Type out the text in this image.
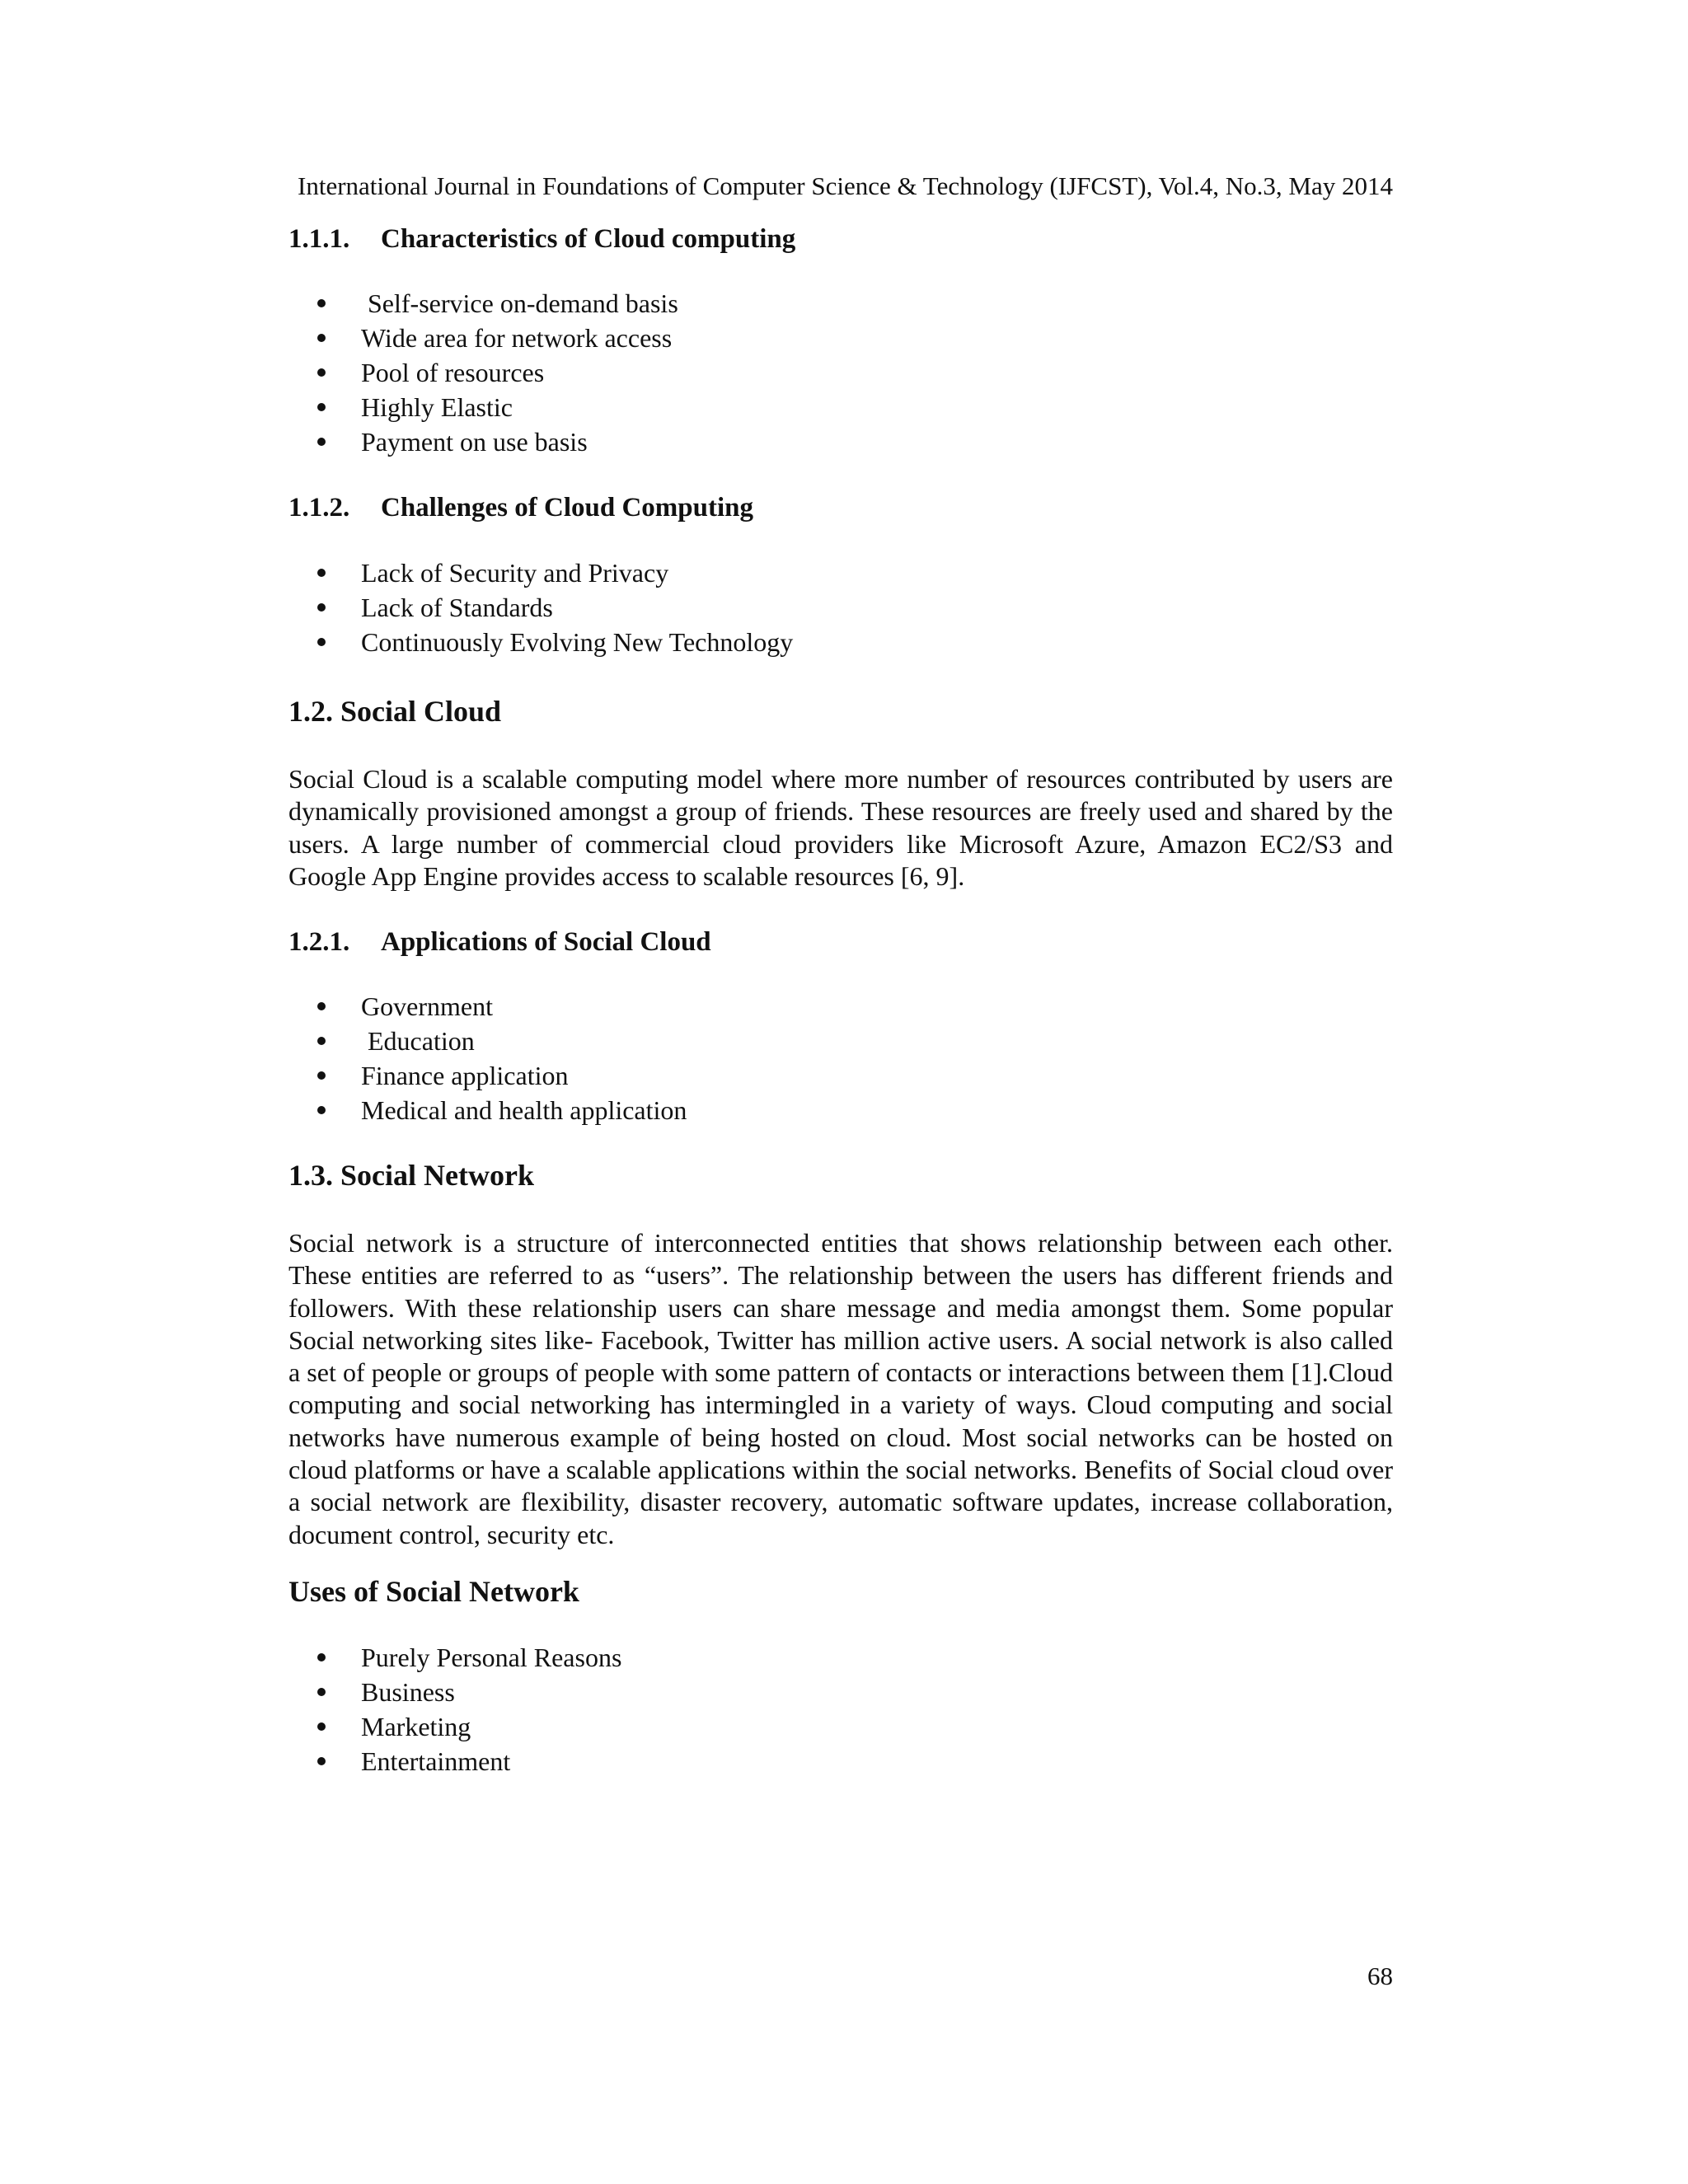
International Journal in Foundations of Computer Science & Technology (IJFCST), Vol.4, No.3, May 2014
1.1.1. Characteristics of Cloud computing
Self-service on-demand basis
Wide area for network access
Pool of resources
Highly Elastic
Payment on use basis
1.1.2. Challenges of Cloud Computing
Lack of Security and Privacy
Lack of Standards
Continuously Evolving New Technology
1.2. Social Cloud

Social Cloud is a scalable computing model where more number of resources contributed by users are dynamically provisioned amongst a group of friends. These resources are freely used and shared by the users. A large number of commercial cloud providers like Microsoft Azure, Amazon EC2/S3 and Google App Engine provides access to scalable resources [6, 9].

1.2.1. Applications of Social Cloud
Government
Education
Finance application
Medical and health application
1.3. Social Network

Social network is a structure of interconnected entities that shows relationship between each other. These entities are referred to as “users”. The relationship between the users has different friends and followers. With these relationship users can share message and media amongst them. Some popular Social networking sites like- Facebook, Twitter has million active users. A social network is also called a set of people or groups of people with some pattern of contacts or interactions between them [1].Cloud computing and social networking has intermingled in a variety of ways. Cloud computing and social networks have numerous example of being hosted on cloud. Most social networks can be hosted on cloud platforms or have a scalable applications within the social networks. Benefits of Social cloud over a social network are flexibility, disaster recovery, automatic software updates, increase collaboration, document control, security etc.

Uses of Social Network
Purely Personal Reasons
Business
Marketing
Entertainment
68
